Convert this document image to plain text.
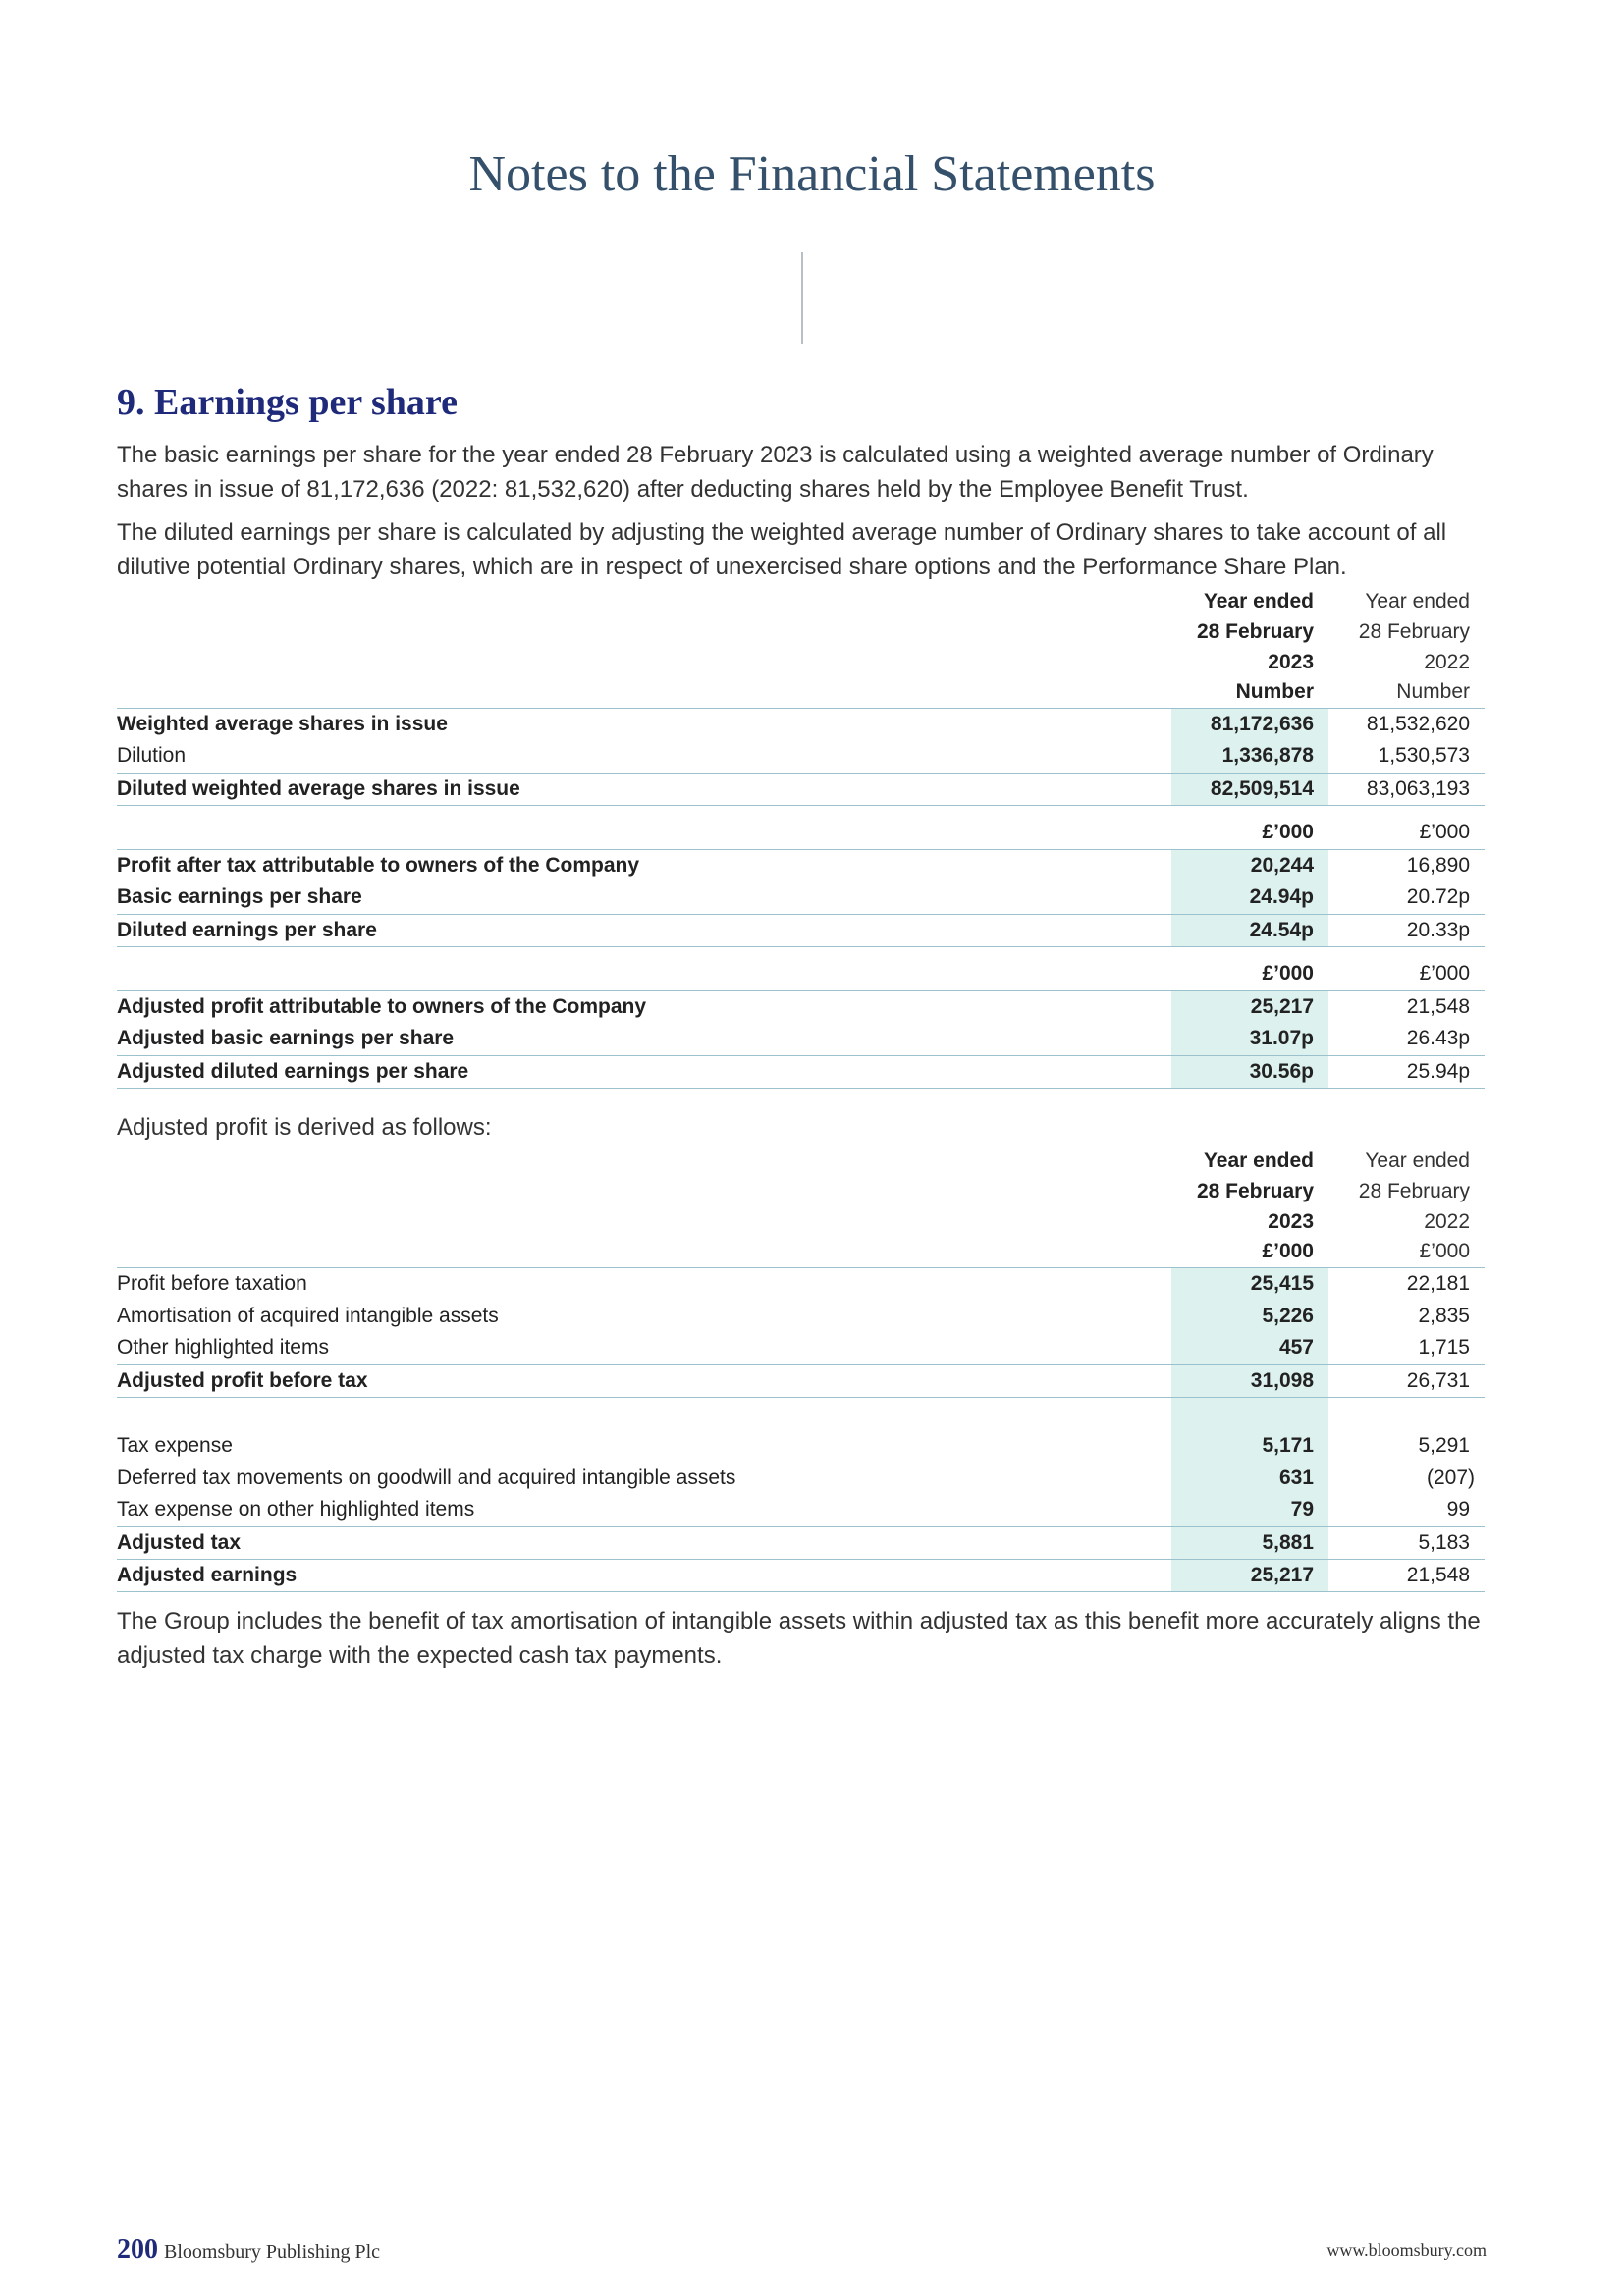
Notes to the Financial Statements
9. Earnings per share

The basic earnings per share for the year ended 28 February 2023 is calculated using a weighted average number of Ordinary shares in issue of 81,172,636 (2022: 81,532,620) after deducting shares held by the Employee Benefit Trust.

The diluted earnings per share is calculated by adjusting the weighted average number of Ordinary shares to take account of all dilutive potential Ordinary shares, which are in respect of unexercised share options and the Performance Share Plan.

	Year ended	Year ended
	28 February	28 February
	2023	2022
	Number	Number
Weighted average shares in issue	81,172,636	81,532,620
Dilution	1,336,878	1,530,573
Diluted weighted average shares in issue	82,509,514	83,063,193

	£’000	£’000
Profit after tax attributable to owners of the Company	20,244	16,890
Basic earnings per share	24.94p	20.72p
Diluted earnings per share	24.54p	20.33p

	£’000	£’000
Adjusted profit attributable to owners of the Company	25,217	21,548
Adjusted basic earnings per share	31.07p	26.43p
Adjusted diluted earnings per share	30.56p	25.94p

Adjusted profit is derived as follows:

	Year ended	Year ended
	28 February	28 February
	2023	2022
	£’000	£’000
Profit before taxation	25,415	22,181
Amortisation of acquired intangible assets	5,226	2,835
Other highlighted items	457	1,715
Adjusted profit before tax	31,098	26,731

Tax expense	5,171	5,291
Deferred tax movements on goodwill and acquired intangible assets	631	(207)
Tax expense on other highlighted items	79	99
Adjusted tax	5,881	5,183
Adjusted earnings	25,217	21,548

The Group includes the benefit of tax amortisation of intangible assets within adjusted tax as this benefit more accurately aligns the adjusted tax charge with the expected cash tax payments.

200 Bloomsbury Publishing Plc	www.bloomsbury.com
